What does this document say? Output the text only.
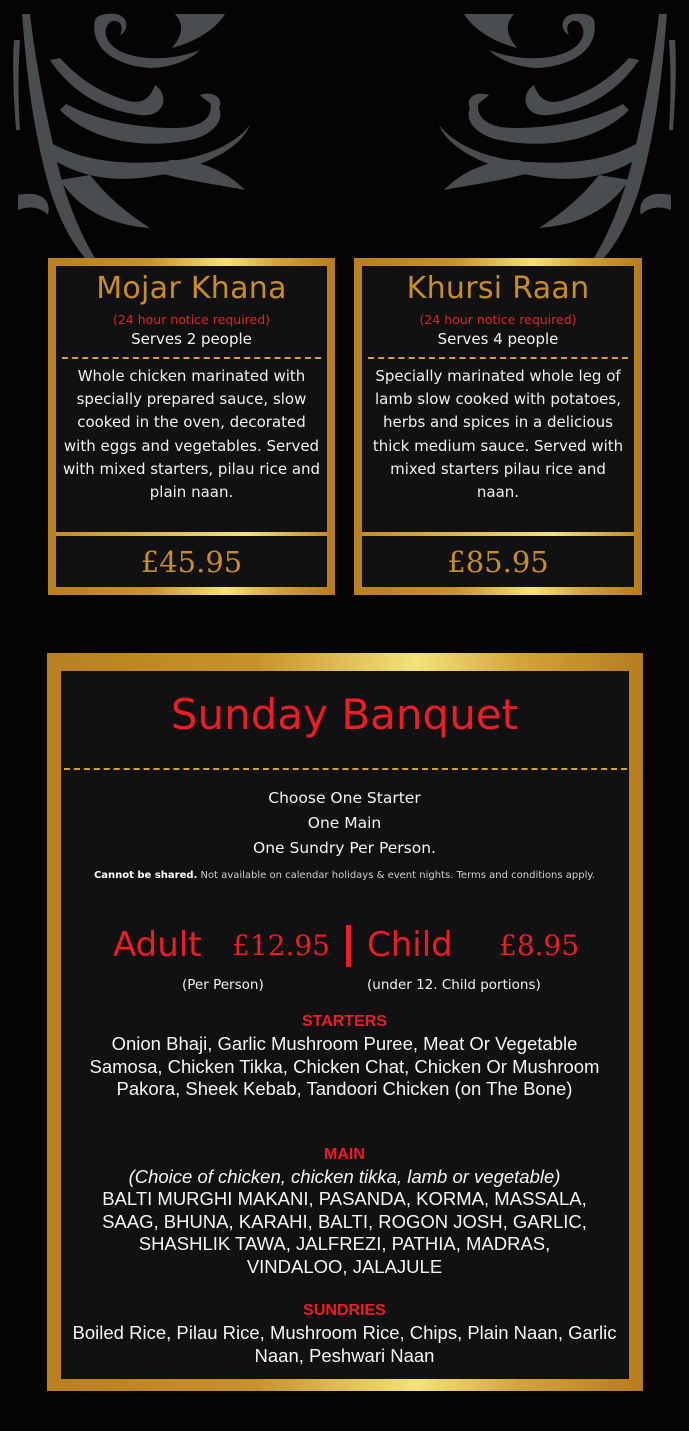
Mojar Khana
(24 hour notice required)
Serves 2 people
Whole chicken marinated with specially prepared sauce, slow cooked in the oven, decorated with eggs and vegetables. Served with mixed starters, pilau rice and plain naan.
£45.95
Khursi Raan
(24 hour notice required)
Serves 4 people
Specially marinated whole leg of lamb slow cooked with potatoes, herbs and spices in a delicious thick medium sauce. Served with mixed starters pilau rice and naan.
£85.95
Sunday Banquet
Choose One Starter
One Main
One Sundry Per Person.
Cannot be shared. Not available on calendar holidays & event nights. Terms and conditions apply.
Adult £12.95 Child £8.95
(Per Person)	(under 12. Child portions)
STARTERS
Onion Bhaji, Garlic Mushroom Puree, Meat Or Vegetable Samosa, Chicken Tikka, Chicken Chat, Chicken Or Mushroom Pakora, Sheek Kebab, Tandoori Chicken (on The Bone)
MAIN
(Choice of chicken, chicken tikka, lamb or vegetable)
BALTI MURGHI MAKANI, PASANDA, KORMA, MASSALA, SAAG, BHUNA, KARAHI, BALTI, ROGON JOSH, GARLIC, SHASHLIK TAWA, JALFREZI, PATHIA, MADRAS, VINDALOO, JALAJULE
SUNDRIES
Boiled Rice, Pilau Rice, Mushroom Rice, Chips, Plain Naan, Garlic Naan, Peshwari Naan
